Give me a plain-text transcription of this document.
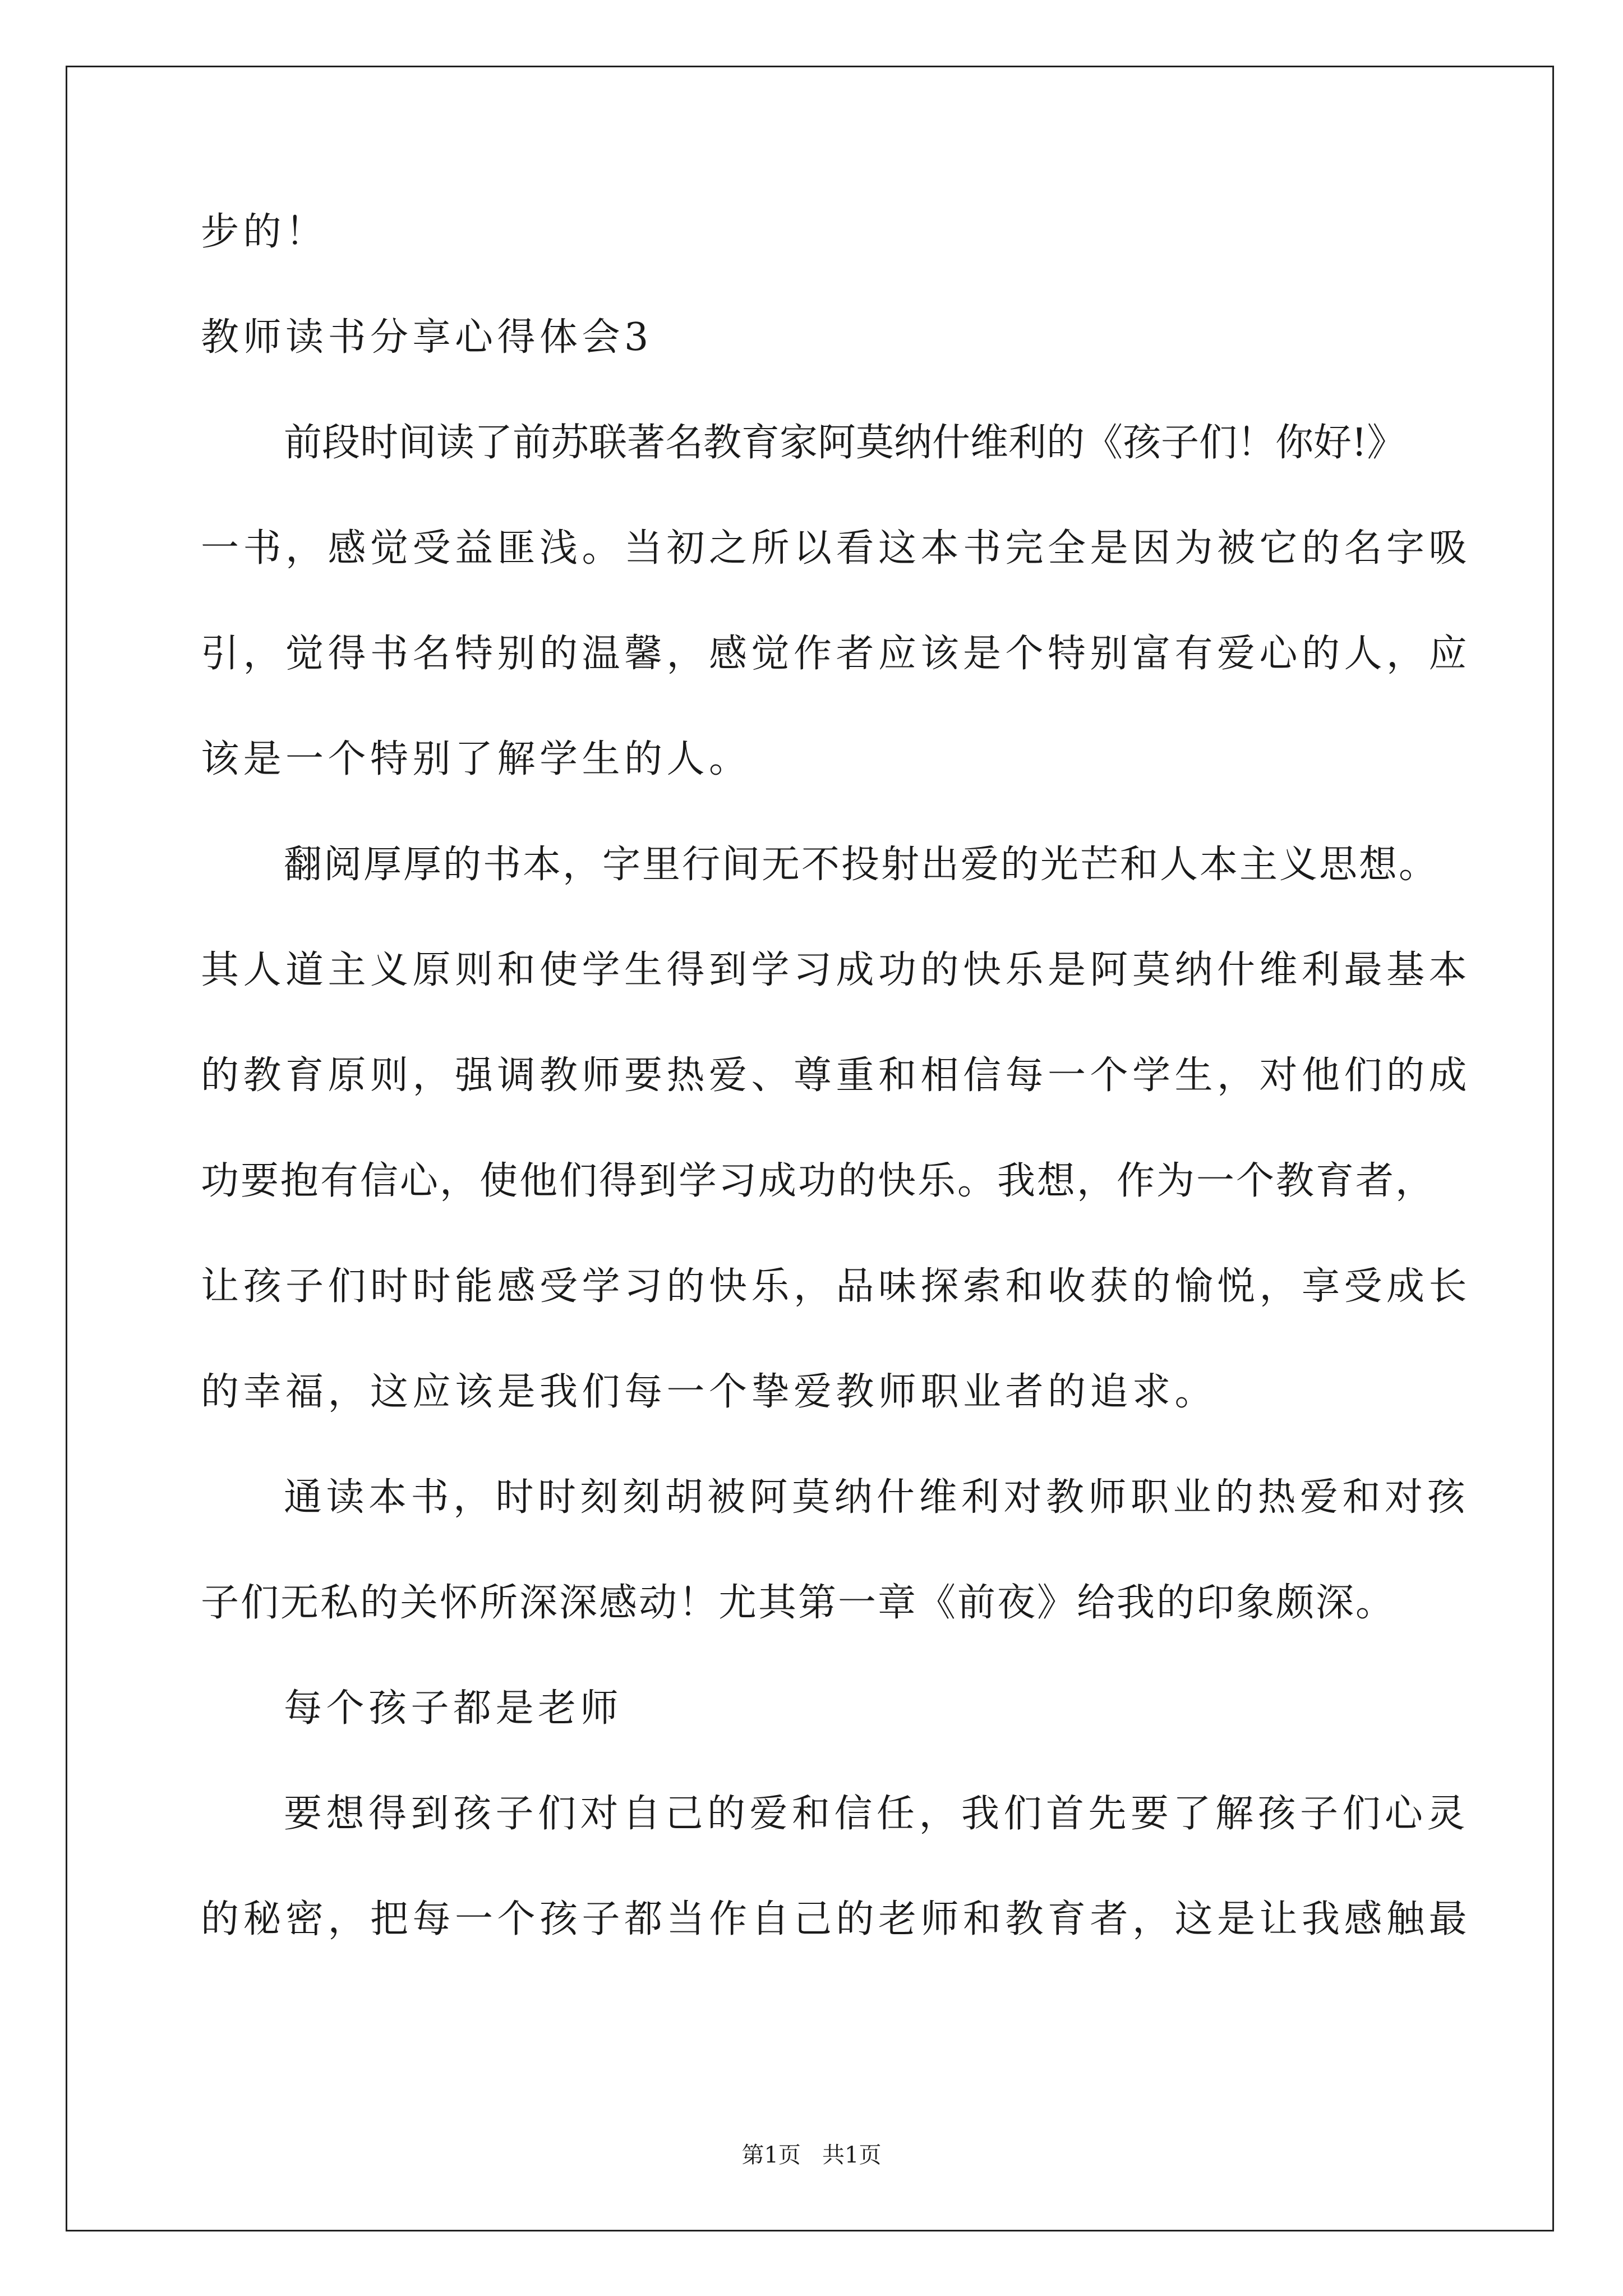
步的！
教师读书分享心得体会3
前段时间读了前苏联著名教育家阿莫纳什维利的《孩子们！你好!》
一书，感觉受益匪浅。当初之所以看这本书完全是因为被它的名字吸
引，觉得书名特别的温馨，感觉作者应该是个特别富有爱心的人，应
该是一个特别了解学生的人。
翻阅厚厚的书本，字里行间无不投射出爱的光芒和人本主义思想。
其人道主义原则和使学生得到学习成功的快乐是阿莫纳什维利最基本
的教育原则，强调教师要热爱、尊重和相信每一个学生，对他们的成
功要抱有信心，使他们得到学习成功的快乐。我想，作为一个教育者，
让孩子们时时能感受学习的快乐，品味探索和收获的愉悦，享受成长
的幸福，这应该是我们每一个挚爱教师职业者的追求。
通读本书，时时刻刻胡被阿莫纳什维利对教师职业的热爱和对孩
子们无私的关怀所深深感动！尤其第一章《前夜》给我的印象颇深。
每个孩子都是老师
要想得到孩子们对自己的爱和信任，我们首先要了解孩子们心灵
的秘密，把每一个孩子都当作自己的老师和教育者，这是让我感触最
第1页   共1页
